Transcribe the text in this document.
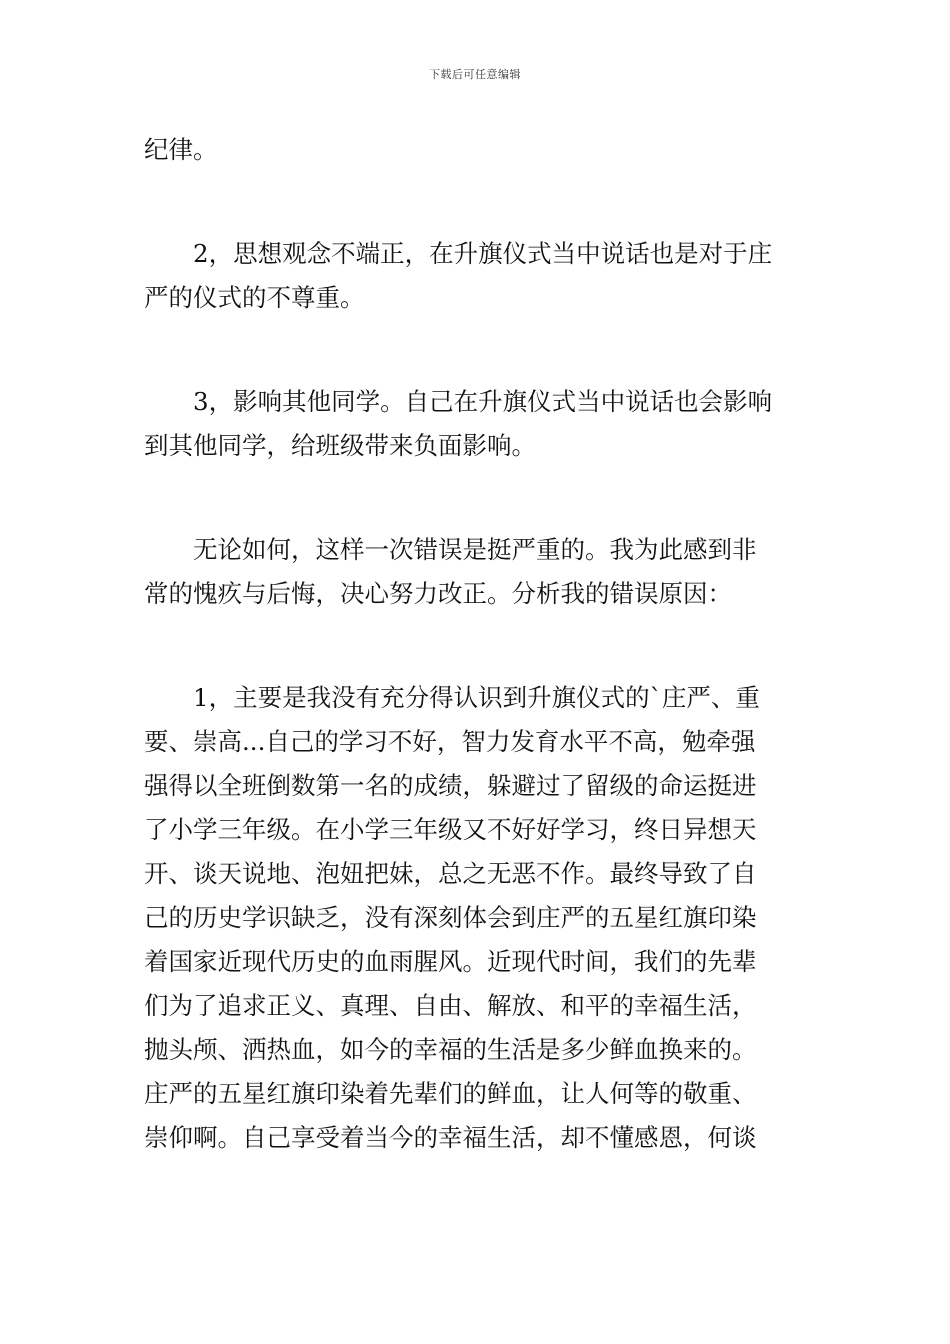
下载后可任意编辑
纪律。
2，思想观念不端正，在升旗仪式当中说话也是对于庄
严的仪式的不尊重。
3，影响其他同学。自己在升旗仪式当中说话也会影响
到其他同学，给班级带来负面影响。
无论如何，这样一次错误是挺严重的。我为此感到非
常的愧疚与后悔，决心努力改正。分析我的错误原因：
1，主要是我没有充分得认识到升旗仪式的`庄严、重
要、崇高...自己的学习不好，智力发育水平不高，勉牵强
强得以全班倒数第一名的成绩，躲避过了留级的命运挺进
了小学三年级。在小学三年级又不好好学习，终日异想天
开、谈天说地、泡妞把妹，总之无恶不作。最终导致了自
己的历史学识缺乏，没有深刻体会到庄严的五星红旗印染
着国家近现代历史的血雨腥风。近现代时间，我们的先辈
们为了追求正义、真理、自由、解放、和平的幸福生活，
抛头颅、洒热血，如今的幸福的生活是多少鲜血换来的。
庄严的五星红旗印染着先辈们的鲜血，让人何等的敬重、
崇仰啊。自己享受着当今的幸福生活，却不懂感恩，何谈
